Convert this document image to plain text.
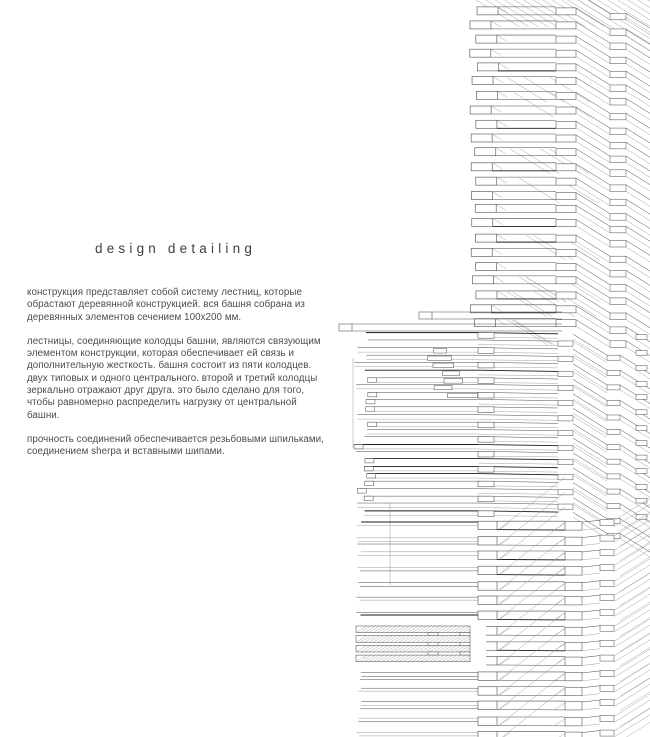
design detailing

конструкция представляет собой систему лестниц, которые обрастают деревянной конструкцией. вся башня собрана из деревянных элементов сечением 100x200 мм.

лестницы, соединяющие колодцы башни, являются связующим элементом конструкции, которая обеспечивает ей связь и дополнительную жесткость. башня состоит из пяти колодцев. двух типовых и одного центрального. второй и третий колодцы зеркально отражают друг друга. это было сделано для того, чтобы равномерно распределить нагрузку от центральной башни.

прочность соединений обеспечивается резьбовыми шпильками, соединением sherpa и вставными шипами.
